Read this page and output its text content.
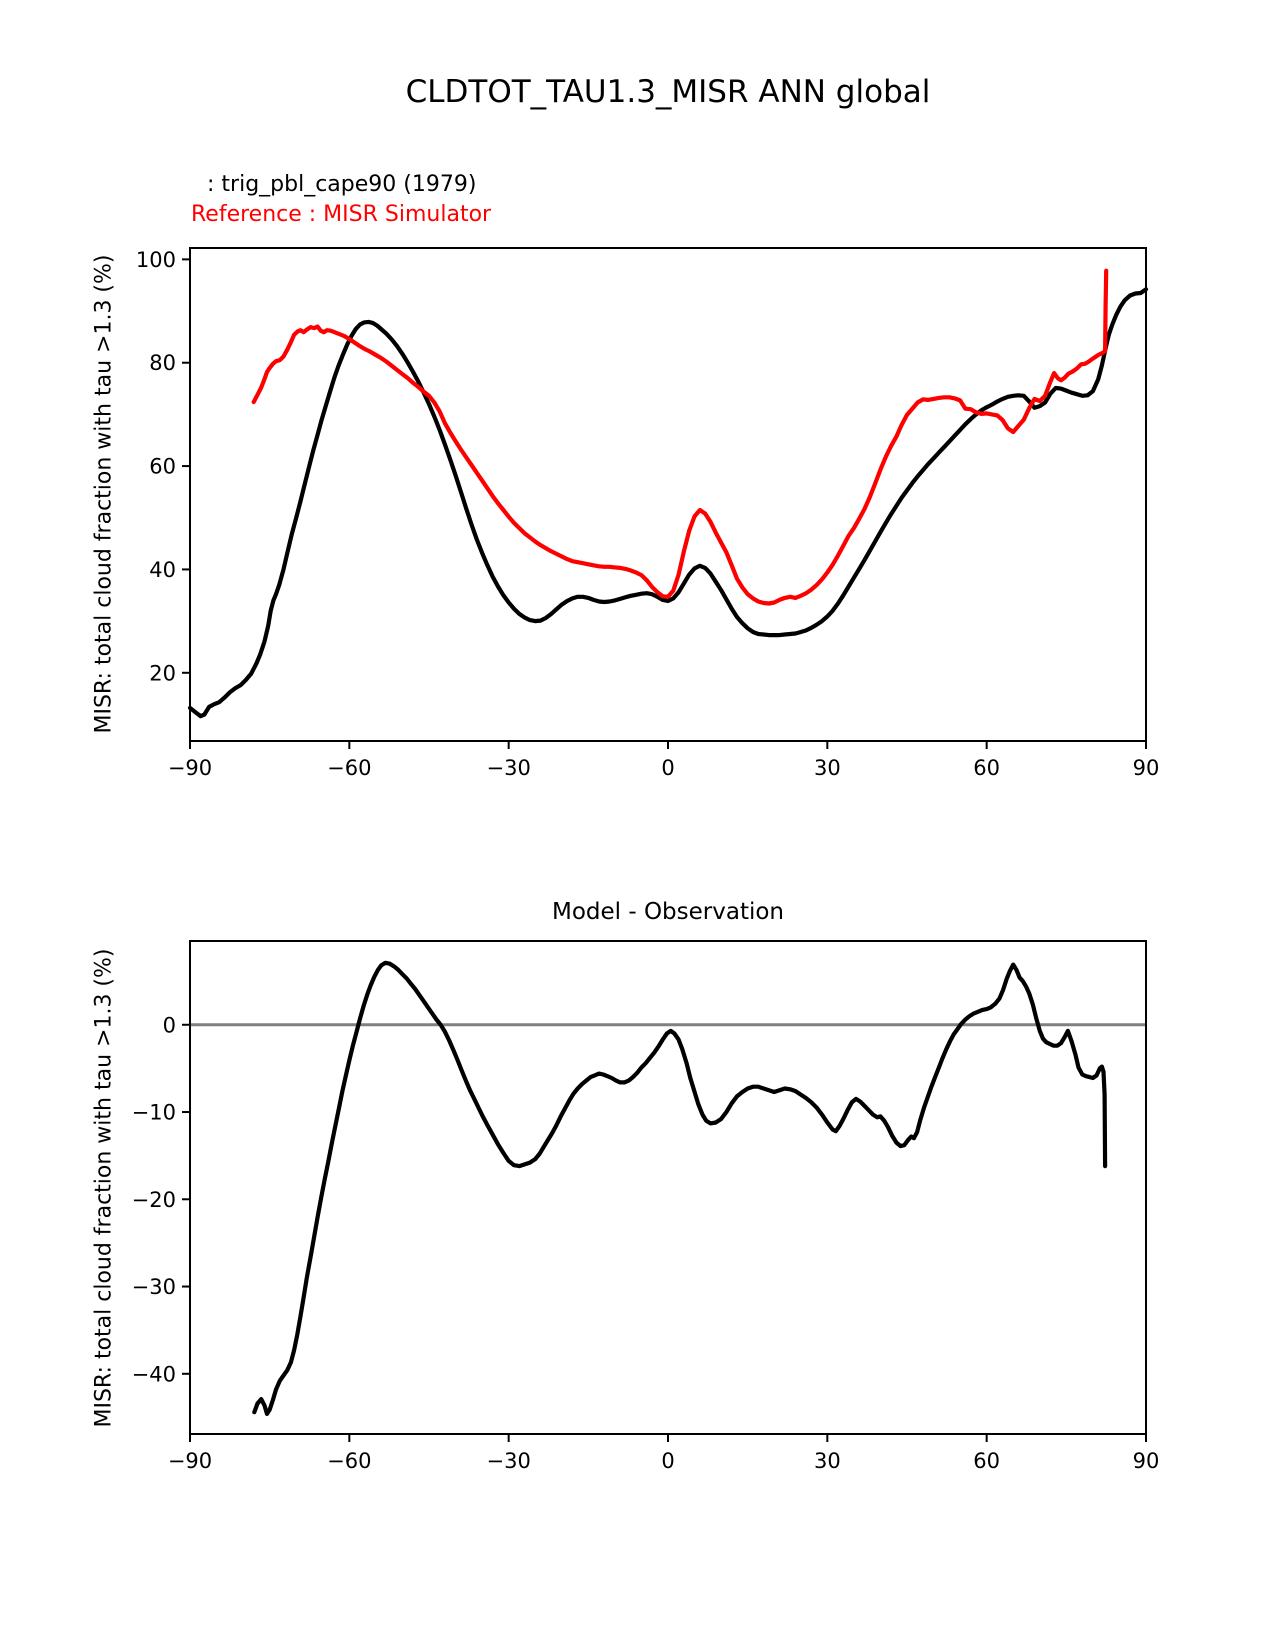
CLDTOT_TAU1.3_MISR ANN global
: trig_pbl_cape90 (1979)
Reference : MISR Simulator
MISR: total cloud fraction with tau >1.3 (%)
MISR: total cloud fraction with tau >1.3 (%)
Model - Observation
−90	−60	−30	0	30	60	90
20
40
60
80
100
−90	−60	−30	0	30	60	90
0
−10
−20
−30
−40
